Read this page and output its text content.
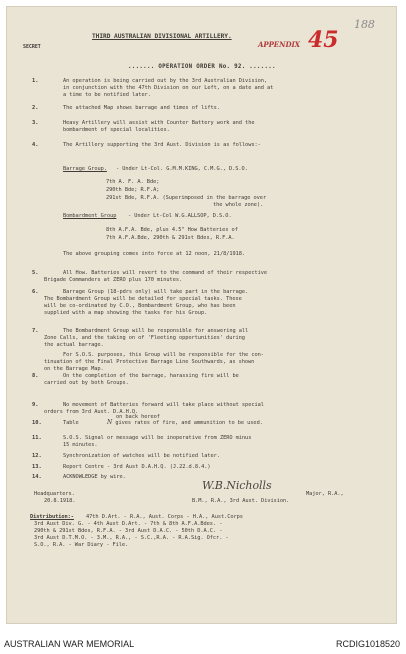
SECRET
THIRD AUSTRALIAN DIVISIONAL ARTILLERY.
APPENDIX 45
188
....... OPERATION ORDER No. 92. .......
1.	An operation is being carried out by the 3rd Australian Division,
in conjunction with the 47th Division on our Left, on a date and at
a time to be notified later.
2.	The attached Map shows barrage and times of lifts.
3.	Heavy Artillery will assist with Counter Battery work and the
bombardment of special localities.
4.	The Artillery supporting the 3rd Aust. Division is as follows:-
Barrage Group. - Under Lt-Col. G.M.M.KING, C.M.G., D.S.O.
7th A. F. A. Bde;
290th Bde; R.F.A;
291st Bde, R.F.A. (Superimposed in the barrage over
the whole zone).
Bombardment Group - Under Lt-Col W.G.ALLSOP, D.S.O.
8th A.F.A. Bde, plus 4.5" How Batteries of
7th A.F.A.Bde, 290th & 291st Bdes, R.F.A.
The above grouping comes into force at 12 noon, 21/8/1918.
5.	All How. Batteries will revert to the command of their respective
Brigade Commanders at ZERO plus 170 minutes.
6.	Barrage Group (18-pdrs only) will take part in the barrage.
The Bombardment Group will be detailed for special tasks. These
will be co-ordinated by C.O., Bombardment Group, who has been
supplied with a map showing the tasks for his Group.
7.	The Bombardment Group will be responsible for answering all
Zone Calls, and the taking on of 'Fleeting opportunities' during
the actual barrage.
For S.O.S. purposes, this Group will be responsible for the con-
tinuation of the Final Protective Barrage Line Southwards, as shown
on the Barrage Map.
8.	On the completion of the barrage, harassing fire will be
carried out by both Groups.
9.	No movement of Batteries forward will take place without special
orders from 3rd Aust. D.A.H.Q.
on back hereof
10.	Table	N gives rates of fire, and ammunition to be used.
11.	S.O.S. Signal or message will be inoperative from ZERO minus
15 minutes.
12.	Synchronization of watches will be notified later.
13.	Report Centre - 3rd Aust D.A.H.Q. (J.22.d.8.4.)
14.	ACKNOWLEDGE by wire.
W.B.Nicholls
Headquarters.	Major, R.A.,
20.8.1918.	B.M., R.A., 3rd Aust. Division.
Distribution:- 47th D.Art. - R.A., Aust. Corps - H.A., Aust.Corps
3rd Aust Div. G. - 4th Aust D.Art. - 7th & 8th A.F.A.Bdes. -
290th & 291st Bdes, R.F.A. - 3rd Aust D.A.C. - 50th D.A.C. -
3rd Aust D.T.M.O. - 3.M., R.A., - S.C.,R.A. - R.A.Sig. Ofcr. -
S.O., R.A. - War Diary - File.
AUSTRALIAN WAR MEMORIAL	RCDIG1018520
